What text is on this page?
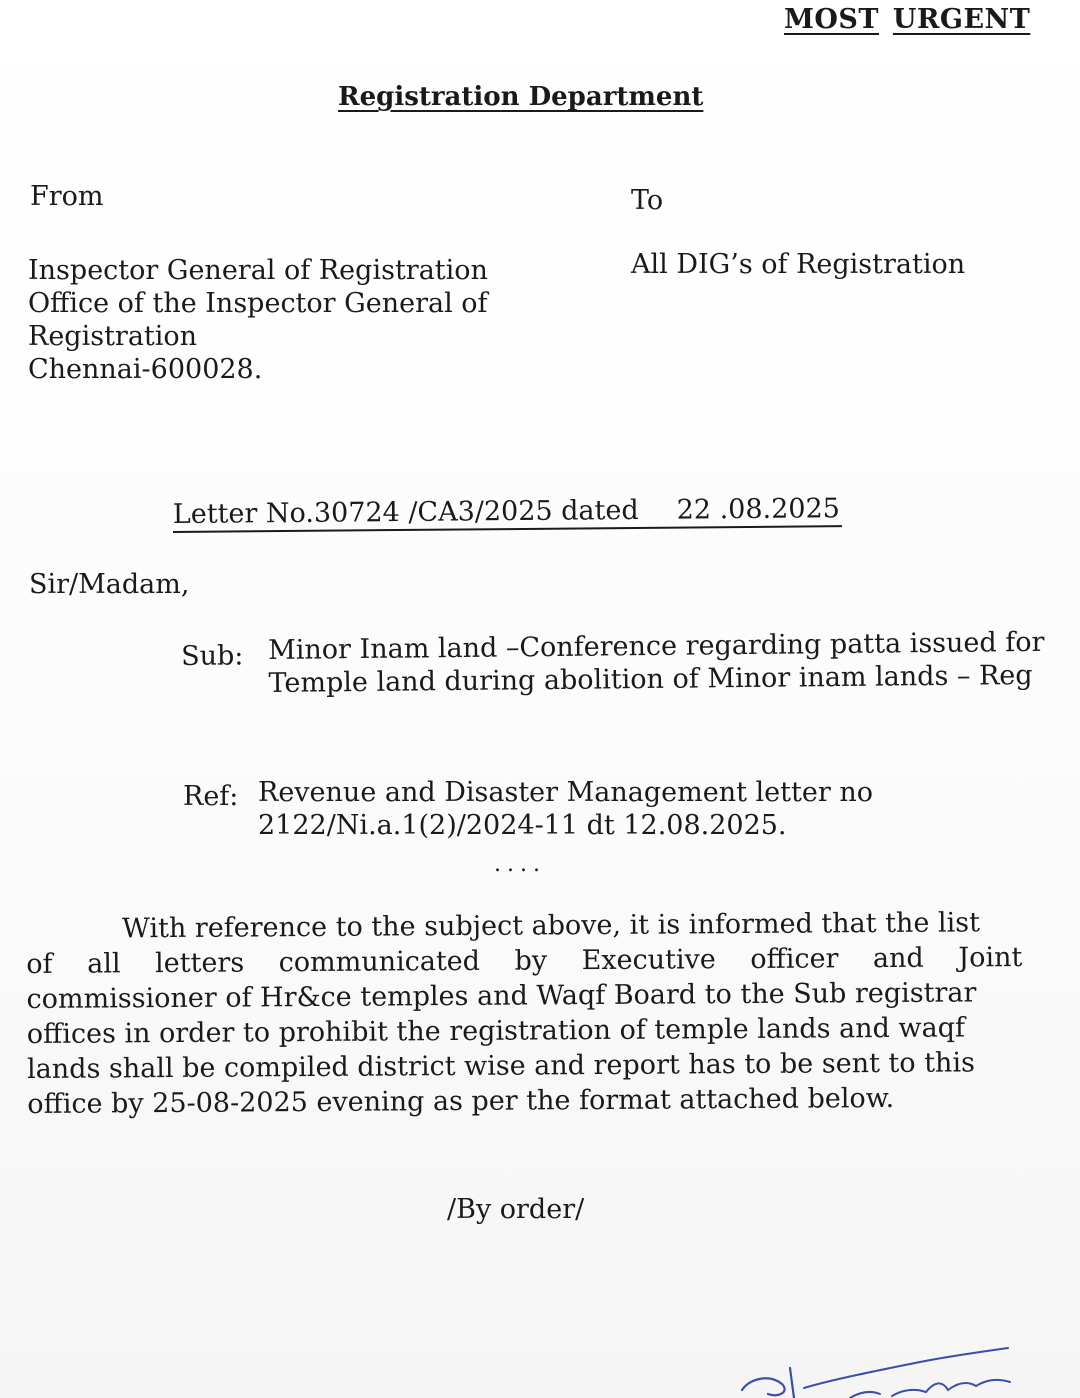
MOST URGENT
Registration Department
From	To
Inspector General of Registration
Office of the Inspector General of
Registration
Chennai-600028.
All DIG’s of Registration
Letter No.30724 /CA3/2025 dated 22 .08.2025
Sir/Madam,
Sub: Minor Inam land –Conference regarding patta issued for
Temple land during abolition of Minor inam lands – Reg
Ref: Revenue and Disaster Management letter no
2122/Ni.a.1(2)/2024-11 dt 12.08.2025.
....
With reference to the subject above, it is informed that the list
of all letters communicated by Executive officer and Joint
commissioner of Hr&ce temples and Waqf Board to the Sub registrar
offices in order to prohibit the registration of temple lands and waqf
lands shall be compiled district wise and report has to be sent to this
office by 25-08-2025 evening as per the format attached below.
/By order/
